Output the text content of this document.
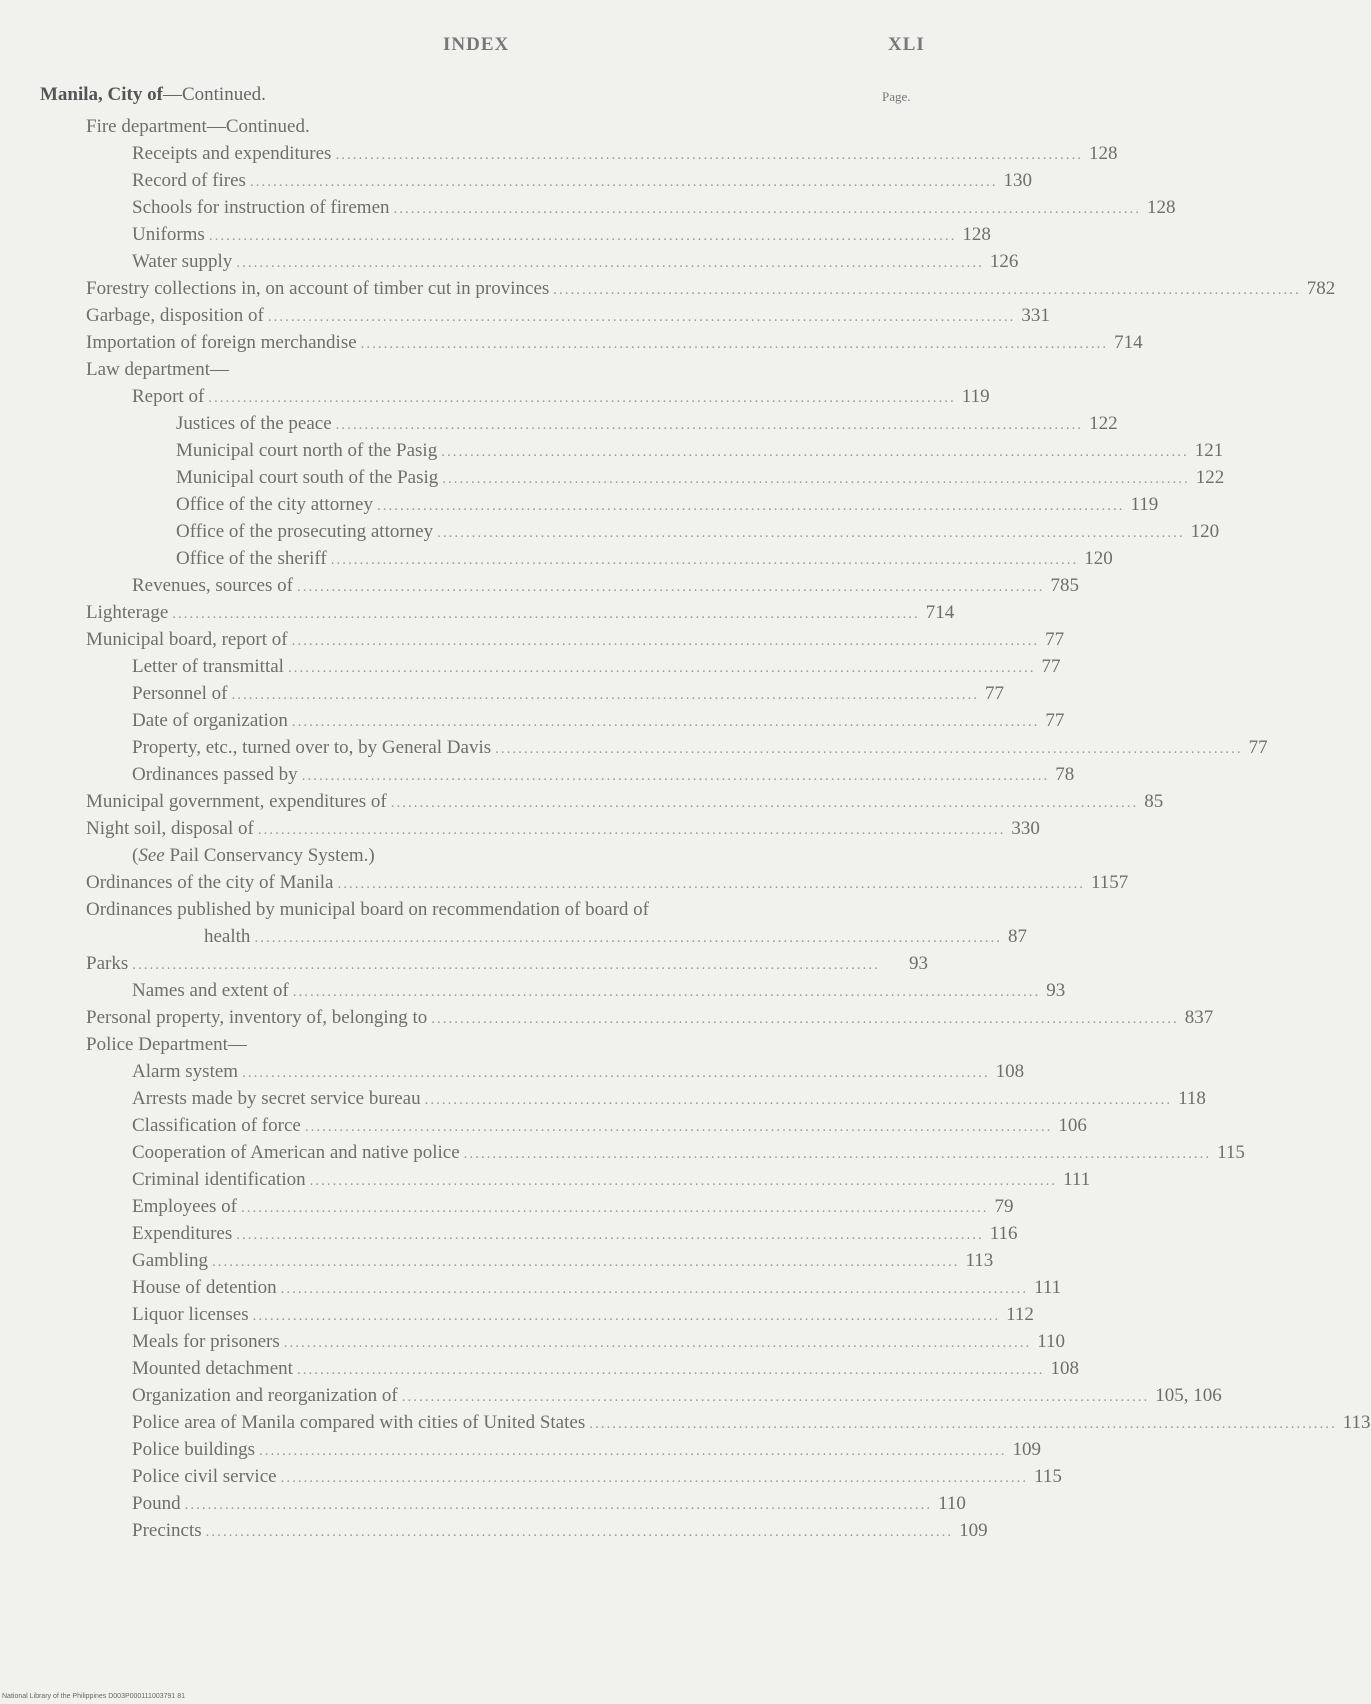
INDEX	XLI
Manila, City of—Continued.	Page.
Fire department—Continued.
Receipts and expenditures .................................................................................................................................. 128
Record of fires .................................................................................................................................. 130
Schools for instruction of firemen .................................................................................................................................. 128
Uniforms .................................................................................................................................. 128
Water supply .................................................................................................................................. 126
Forestry collections in, on account of timber cut in provinces .................................................................................................................................. 782
Garbage, disposition of .................................................................................................................................. 331
Importation of foreign merchandise .................................................................................................................................. 714
Law department—
Report of .................................................................................................................................. 119
Justices of the peace .................................................................................................................................. 122
Municipal court north of the Pasig .................................................................................................................................. 121
Municipal court south of the Pasig .................................................................................................................................. 122
Office of the city attorney .................................................................................................................................. 119
Office of the prosecuting attorney .................................................................................................................................. 120
Office of the sheriff .................................................................................................................................. 120
Revenues, sources of .................................................................................................................................. 785
Lighterage .................................................................................................................................. 714
Municipal board, report of .................................................................................................................................. 77
Letter of transmittal .................................................................................................................................. 77
Personnel of .................................................................................................................................. 77
Date of organization .................................................................................................................................. 77
Property, etc., turned over to, by General Davis .................................................................................................................................. 77
Ordinances passed by .................................................................................................................................. 78
Municipal government, expenditures of .................................................................................................................................. 85
Night soil, disposal of .................................................................................................................................. 330
(See Pail Conservancy System.)
Ordinances of the city of Manila .................................................................................................................................. 1157
Ordinances published by municipal board on recommendation of board of
health .................................................................................................................................. 87
Parks ..................................................................................................................................	93
Names and extent of .................................................................................................................................. 93
Personal property, inventory of, belonging to .................................................................................................................................. 837
Police Department—
Alarm system .................................................................................................................................. 108
Arrests made by secret service bureau .................................................................................................................................. 118
Classification of force .................................................................................................................................. 106
Cooperation of American and native police .................................................................................................................................. 115
Criminal identification .................................................................................................................................. 111
Employees of .................................................................................................................................. 79
Expenditures .................................................................................................................................. 116
Gambling .................................................................................................................................. 113
House of detention .................................................................................................................................. 111
Liquor licenses .................................................................................................................................. 112
Meals for prisoners .................................................................................................................................. 110
Mounted detachment .................................................................................................................................. 108
Organization and reorganization of .................................................................................................................................. 105, 106
Police area of Manila compared with cities of United States .................................................................................................................................. 113
Police buildings .................................................................................................................................. 109
Police civil service .................................................................................................................................. 115
Pound .................................................................................................................................. 110
Precincts .................................................................................................................................. 109
National Library of the Philippines D003P000111003791 81
